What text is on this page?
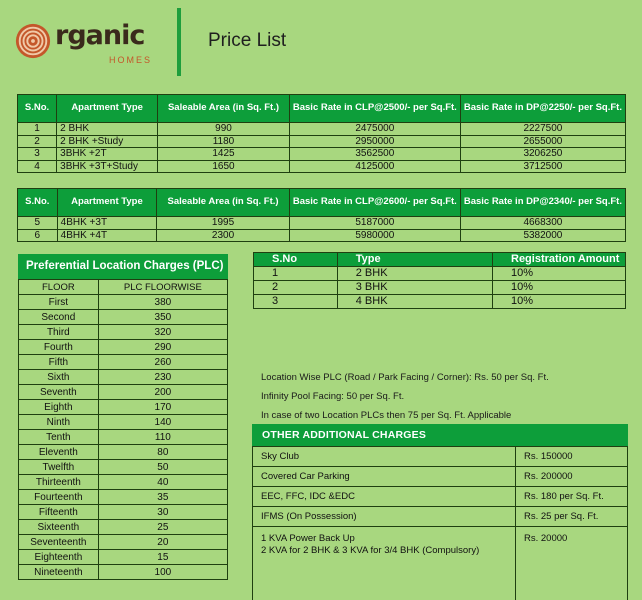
rganic
HOMES
Price List
S.No.	Apartment Type	Saleable Area (in Sq. Ft.)	Basic Rate in CLP@2500/- per Sq.Ft.	Basic Rate in DP@2250/- per Sq.Ft.
1	2 BHK	990	2475000	2227500
2	2 BHK +Study	1180	2950000	2655000
3	3BHK +2T	1425	3562500	3206250
4	3BHK +3T+Study	1650	4125000	3712500
S.No.	Apartment Type	Saleable Area (in Sq. Ft.)	Basic Rate in CLP@2600/- per Sq.Ft.	Basic Rate in DP@2340/- per Sq.Ft.
5	4BHK +3T	1995	5187000	4668300
6	4BHK +4T	2300	5980000	5382000
Preferential Location Charges (PLC)
FLOOR	PLC FLOORWISE
First	380
Second	350
Third	320
Fourth	290
Fifth	260
Sixth	230
Seventh	200
Eighth	170
Ninth	140
Tenth	110
Eleventh	80
Twelfth	50
Thirteenth	40
Fourteenth	35
Fifteenth	30
Sixteenth	25
Seventeenth	20
Eighteenth	15
Nineteenth	100
S.No	Type	Registration Amount
1	2 BHK	10%
2	3 BHK	10%
3	4 BHK	10%
Location Wise PLC (Road / Park Facing / Corner): Rs. 50 per Sq. Ft.
Infinity Pool Facing: 50 per Sq. Ft.
In case of two Location PLCs then 75 per Sq. Ft. Applicable
OTHER ADDITIONAL CHARGES
Sky Club	Rs. 150000

Covered Car Parking	Rs. 200000

EEC, FFC, IDC &EDC	Rs. 180 per Sq. Ft.

IFMS (On Possession)	Rs. 25 per Sq. Ft.

1 KVA Power Back Up
2 KVA for 2 BHK & 3 KVA for 3/4 BHK (Compulsory)	Rs. 20000
